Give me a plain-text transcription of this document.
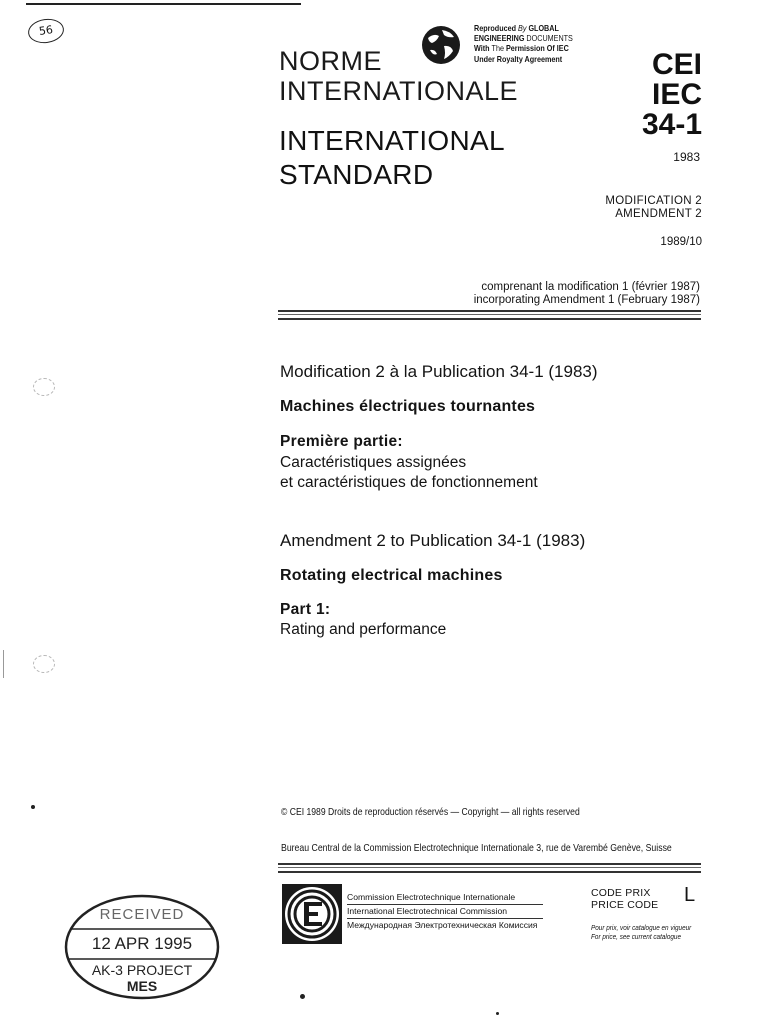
56
NORME
INTERNATIONALE
INTERNATIONAL
STANDARD
Reproduced By GLOBAL
ENGINEERING DOCUMENTS
With The Permission Of IEC
Under Royalty Agreement	CEI
IEC
34-1
1983
MODIFICATION 2
AMENDMENT 2
1989/10
comprenant la modification 1 (février 1987)
incorporating Amendment 1 (February 1987)
Modification 2 à la Publication 34-1 (1983)
Machines électriques tournantes
Première partie:
Caractéristiques assignées
et caractéristiques de fonctionnement
Amendment 2 to Publication 34-1 (1983)
Rotating electrical machines
Part 1:
Rating and performance
© CEI 1989 Droits de reproduction réservés — Copyright — all rights reserved
Bureau Central de la Commission Electrotechnique Internationale 3, rue de Varembé Genève, Suisse
Commission Electrotechnique Internationale
International Electrotechnical Commission
Международная Электротехническая Комиссия
CODE PRIX
PRICE CODE L
Pour prix, voir catalogue en vigueur
For price, see current catalogue
RECEIVED
12 APR 1995
AK-3 PROJECT
MES
